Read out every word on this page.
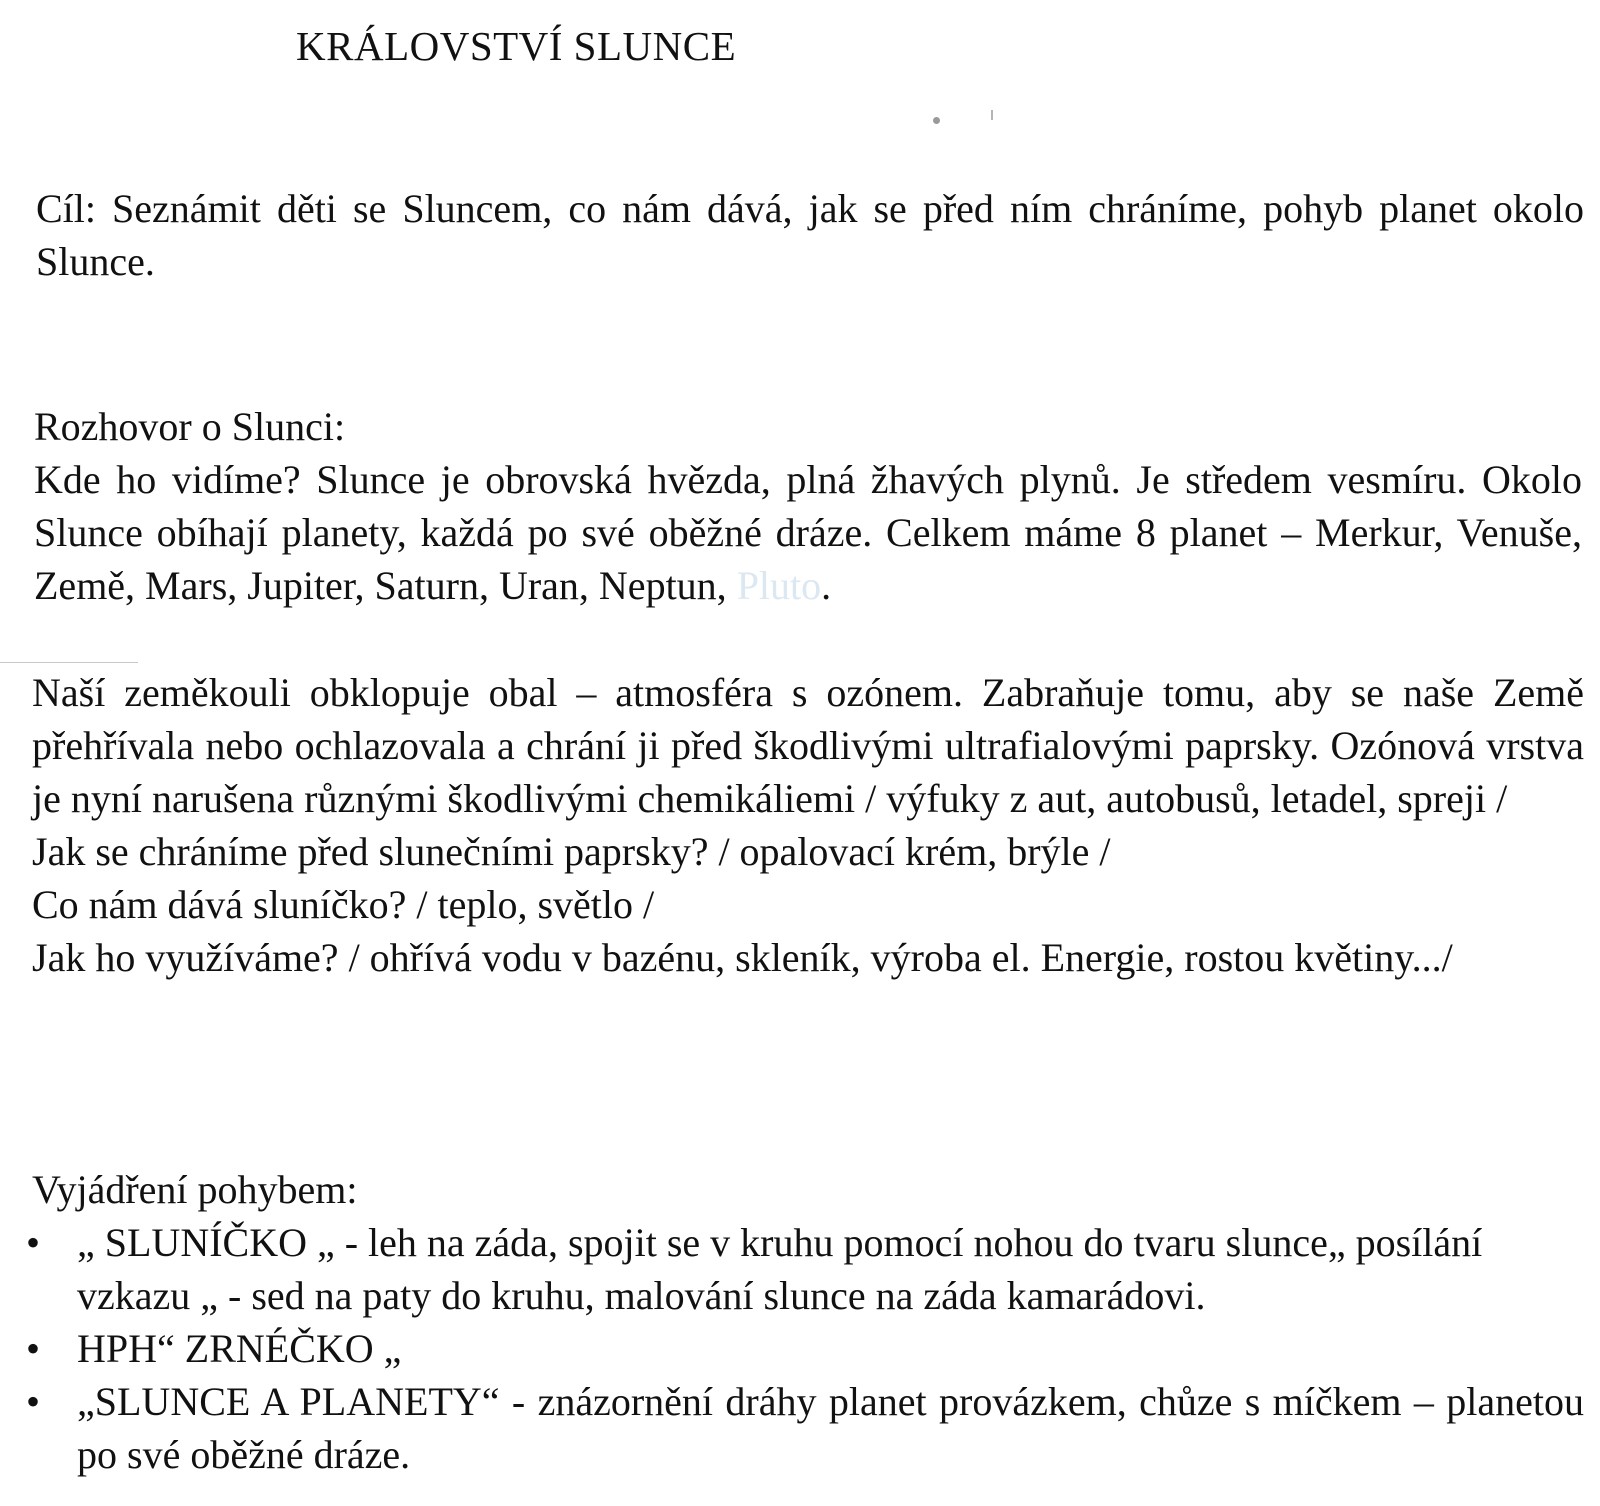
KRÁLOVSTVÍ SLUNCE

Cíl: Seznámit děti se Sluncem, co nám dává, jak se před ním chráníme, pohyb planet okolo Slunce.

Rozhovor o Slunci:

Kde ho vidíme? Slunce je obrovská hvězda, plná žhavých plynů. Je středem vesmíru. Okolo Slunce obíhají planety, každá po své oběžné dráze. Celkem máme 8 planet – Merkur, Venuše, Země, Mars, Jupiter, Saturn, Uran, Neptun, Pluto.

Naší zeměkouli obklopuje obal – atmosféra s ozónem. Zabraňuje tomu, aby se naše Země přehřívala nebo ochlazovala a chrání ji před škodlivými ultrafialovými paprsky. Ozónová vrstva je nyní narušena různými škodlivými chemikáliemi / výfuky z aut, autobusů, letadel, spreji /

Jak se chráníme před slunečními paprsky? / opalovací krém, brýle /

Co nám dává sluníčko? / teplo, světlo /

Jak ho využíváme? / ohřívá vodu v bazénu, skleník, výroba el. Energie, rostou květiny.../

Vyjádření pohybem:

• „ SLUNÍČKO „ - leh na záda, spojit se v kruhu pomocí nohou do tvaru slunce„ posílání vzkazu „ - sed na paty do kruhu, malování slunce na záda kamarádovi.
• HPH“ ZRNÉČKO „
• „SLUNCE A PLANETY“ - znázornění dráhy planet provázkem, chůze s míčkem – planetou po své oběžné dráze.
